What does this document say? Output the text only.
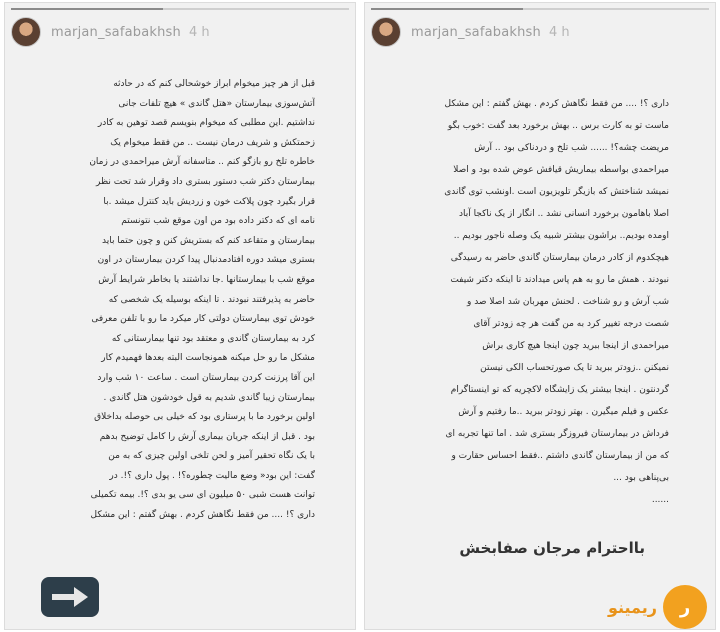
marjan_safabakhsh 4 h
قبل از هر چیز میخوام ابراز خوشحالی کنم که در حادثه
آتش‌سوزی بیمارستان «هتل گاندی » هیچ تلفات جانی
نداشتیم .این مطلبی که میخوام بنویسم قصد توهین به کادر
زحمتکش و شریف درمان نیست .. من فقط میخوام یک
خاطره تلخ رو بازگو کنم .. متاسفانه آرش میراحمدی در زمان
بیمارستان دکتر شب دستور بستری داد وقرار شد تحت نظر
قرار بگیرد چون پلاکت خون و زردیش باید کنترل میشد .با
نامه ای که دکتر داده بود من اون موقع شب نتونستم
بیمارستان و متقاعد کنم که بستریش کنن و چون حتما باید
بستری میشد دوره افتادمدنبال پیدا کردن بیمارستان در اون
موقع شب با بیمارستانها .جا نداشتند یا بخاطر شرایط آرش
حاضر به پذیرفتند نبودند . تا اینکه بوسیله یک شخصی که
خودش توی بیمارستان دولتی کار میکرد ما رو با تلفن معرفی
کرد به بیمارستان گاندی و معتقد بود تنها بیمارستانی که
مشکل ما رو حل میکنه همونجاست البته بعدها فهمیدم کار
این آقا پرزنت کردن بیمارستان است . ساعت ۱۰ شب وارد
بیمارستان زیبا گاندی شدیم به قول خودشون هتل گاندی .
اولین برخورد ما با پرستاری بود که خیلی بی حوصله بداخلاق
بود . قبل از اینکه جریان بیماری آرش را کامل توضیح بدهم
با یک نگاه تحقیر آمیز و لحن تلخی اولین چیزی که به من
گفت: این بود« وضع مالیت چطوره؟! . پول داری ؟!. در
توانت هست شبی ۵۰ میلیون ای سی یو بدی ؟!. بیمه تکمیلی
داری ؟! .... من فقط نگاهش کردم . بهش گفتم : این مشکل
marjan_safabakhsh 4 h
داری ؟! .... من فقط نگاهش کردم . بهش گفتم : این مشکل
ماست تو به کارت برس .. بهش برخورد بعد گفت :خوب بگو
مریضت چشه؟! ...... شب تلخ و دردناکی بود .. آرش
میراحمدی بواسطه بیماریش قیافش عوض شده بود و اصلا
نمیشد شناختش که بازیگر تلویزیون است .اونشب توی گاندی
اصلا باهامون برخورد انسانی نشد .. انگار از یک ناکجا آباد
اومده بودیم.. براشون بیشتر شبیه یک وصله ناجور بودیم ..
هیچکدوم از کادر درمان بیمارستان گاندی حاضر به رسیدگی
نبودند . همش ما رو به هم پاس میدادند تا اینکه دکتر شیفت
شب آرش و رو شناخت . لحنش مهربان شد اصلا صد و
شصت درجه تغییر کرد به من گفت هر چه زودتر آقای
میراحمدی از اینجا ببرید چون اینجا هیچ کاری براش
نمیکنن ..زودتر ببرید تا یک صورتحساب الکی نیستن
گردنتون . اینجا بیشتر یک زایشگاه لاکچریه که تو اینستاگرام
عکس و فیلم میگیرن . بهتر زودتر ببرید ..ما رفتیم و آرش
فرداش در بیمارستان فیروزگر بستری شد . اما تنها تجربه ای
که من از بیمارستان گاندی داشتم ..فقط احساس حقارت و
بی‌پناهی بود ...
......
بااحترام مرجان صفابخش
ریمینو ر
